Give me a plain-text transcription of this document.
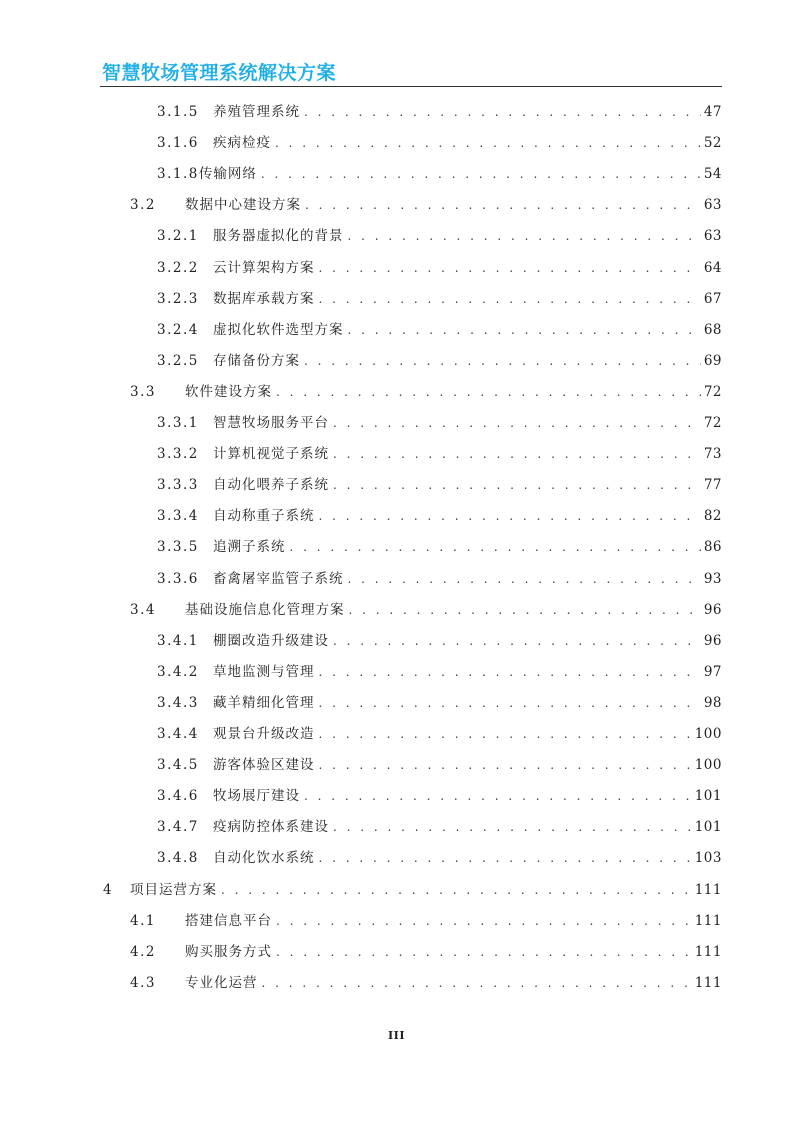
智慧牧场管理系统解决方案
3.1.5	养殖管理系统 . . .	47
3.1.6	疾病检疫 . . .	52
3.1.8 传输网络 . . .	54
3.2	数据中心建设方案 . . .	63
3.2.1	服务器虚拟化的背景 . . .	63
3.2.2	云计算架构方案 . . .	64
3.2.3	数据库承载方案 . . .	67
3.2.4	虚拟化软件选型方案 . . .	68
3.2.5	存储备份方案 . . .	69
3.3	软件建设方案 . . .	72
3.3.1	智慧牧场服务平台 . . .	72
3.3.2	计算机视觉子系统 . . .	73
3.3.3	自动化喂养子系统 . . .	77
3.3.4	自动称重子系统 . . .	82
3.3.5	追溯子系统 . . .	86
3.3.6	畜禽屠宰监管子系统 . . .	93
3.4	基础设施信息化管理方案 . . .	96
3.4.1	棚圈改造升级建设 . . .	96
3.4.2	草地监测与管理 . . .	97
3.4.3	藏羊精细化管理 . . .	98
3.4.4	观景台升级改造 . . .	100
3.4.5	游客体验区建设 . . .	100
3.4.6	牧场展厅建设 . . .	101
3.4.7	疫病防控体系建设 . . .	101
3.4.8	自动化饮水系统 . . .	103
4	项目运营方案 . . .	111
4.1	搭建信息平台 . . .	111
4.2	购买服务方式 . . .	111
4.3	专业化运营 . . .	111
III
